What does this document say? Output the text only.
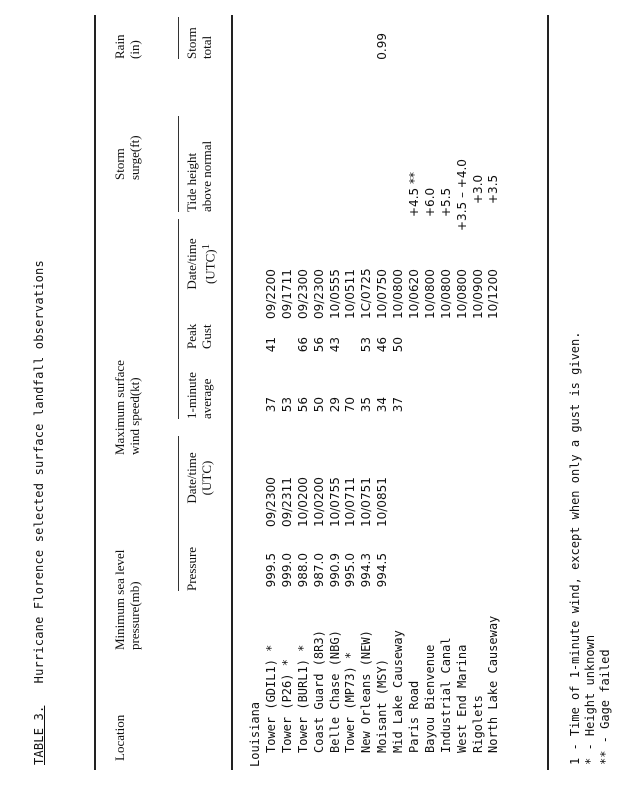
TABLE 3.   Hurricane Florence selected surface landfall observations
Location
Minimum sea level pressure(mb)
Maximum surface wind speed(kt)
Storm surge(ft)
Rain (in)
Pressure
Date/time (UTC)
1-minute average
Peak Gust
Date/time (UTC)$^1$
Tide height above normal
Storm total
Louisiana Tower (GDIL1) * Tower (P26) * Tower (BURL1) * Coast Guard (8R3) Belle Chase (NBG) Tower (MP73) * New Orleans (NEW) Moisant (MSY) Mid Lake Causeway Paris Road Bayou Bienvenue Industrial Canal West End Marina Rigolets North Lake Causeway
999.5 999.0 988.0 987.0 990.9 995.0 994.3 994.5
09/2300 09/2311 10/0200 10/0200 10/0755 10/0711 10/0751 10/0851
37 53 56 50 29 70 35 34 37
41 66 56 43 53 46 50
09/2200 09/1711 09/2300 09/2300 10/0555 10/0511 1C/0725 10/0750 10/0800 10/0620 10/0800 10/0800 10/0800 10/0900 10/1200
+4.5 ** +6.0 +5.5 +3.5 – +4.0 +3.0 +3.5
0.99
1 - Time of 1-minute wind, except when only a gust is given. * - Height unknown ** - Gage failed
